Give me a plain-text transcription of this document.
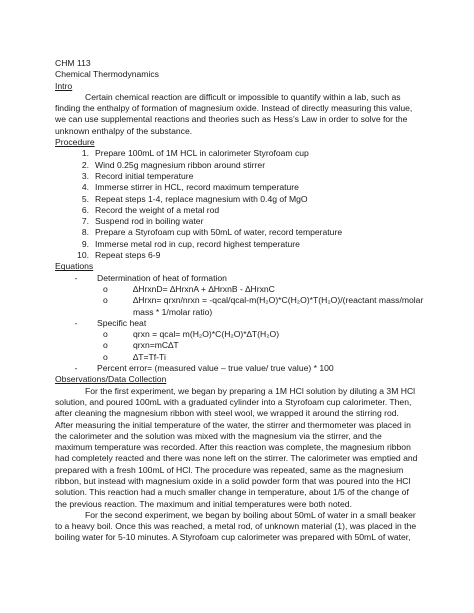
CHM 113
Chemical Thermodynamics
Intro
Certain chemical reaction are difficult or impossible to quantify within a lab, such as
finding the enthalpy of formation of magnesium oxide. Instead of directly measuring this value,
we can use supplemental reactions and theories such as Hess’s Law in order to solve for the
unknown enthalpy of the substance.
Procedure
1. Prepare 100mL of 1M HCL in calorimeter Styrofoam cup
2. Wind 0.25g magnesium ribbon around stirrer
3. Record initial temperature
4. Immerse stirrer in HCL, record maximum temperature
5. Repeat steps 1-4, replace magnesium with 0.4g of MgO
6. Record the weight of a metal rod
7. Suspend rod in boiling water
8. Prepare a Styrofoam cup with 50mL of water, record temperature
9. Immerse metal rod in cup, record highest temperature
10. Repeat steps 6-9
Equations
-	Determination of heat of formation
o	∆HrxnD= ∆HrxnA + ∆HrxnB - ∆HrxnC
o	∆Hrxn= qrxn/nrxn = -qcal/qcal-m(H₂O)*C(H₂O)*T(H₂O)/(reactant mass/molar
mass * 1/molar ratio)
-	Specific heat
o	qrxn = qcal= m(H₂O)*C(H₂O)*∆T(H₂O)
o	qrxn=mC∆T
o	∆T=Tf-Ti
-	Percent error= (measured value – true value/ true value) * 100
Observations/Data Collection
For the first experiment, we began by preparing a 1M HCl solution by diluting a 3M HCl
solution, and poured 100mL with a graduated cylinder into a Styrofoam cup calorimeter. Then,
after cleaning the magnesium ribbon with steel wool, we wrapped it around the stirring rod.
After measuring the initial temperature of the water, the stirrer and thermometer was placed in
the calorimeter and the solution was mixed with the magnesium via the stirrer, and the
maximum temperature was recorded. After this reaction was complete, the magnesium ribbon
had completely reacted and there was none left on the stirrer. The calorimeter was emptied and
prepared with a fresh 100mL of HCl. The procedure was repeated, same as the magnesium
ribbon, but instead with magnesium oxide in a solid powder form that was poured into the HCl
solution. This reaction had a much smaller change in temperature, about 1/5 of the change of
the previous reaction. The maximum and initial temperatures were both noted.
For the second experiment, we began by boiling about 50mL of water in a small beaker
to a heavy boil. Once this was reached, a metal rod, of unknown material (1), was placed in the
boiling water for 5-10 minutes. A Styrofoam cup calorimeter was prepared with 50mL of water,
